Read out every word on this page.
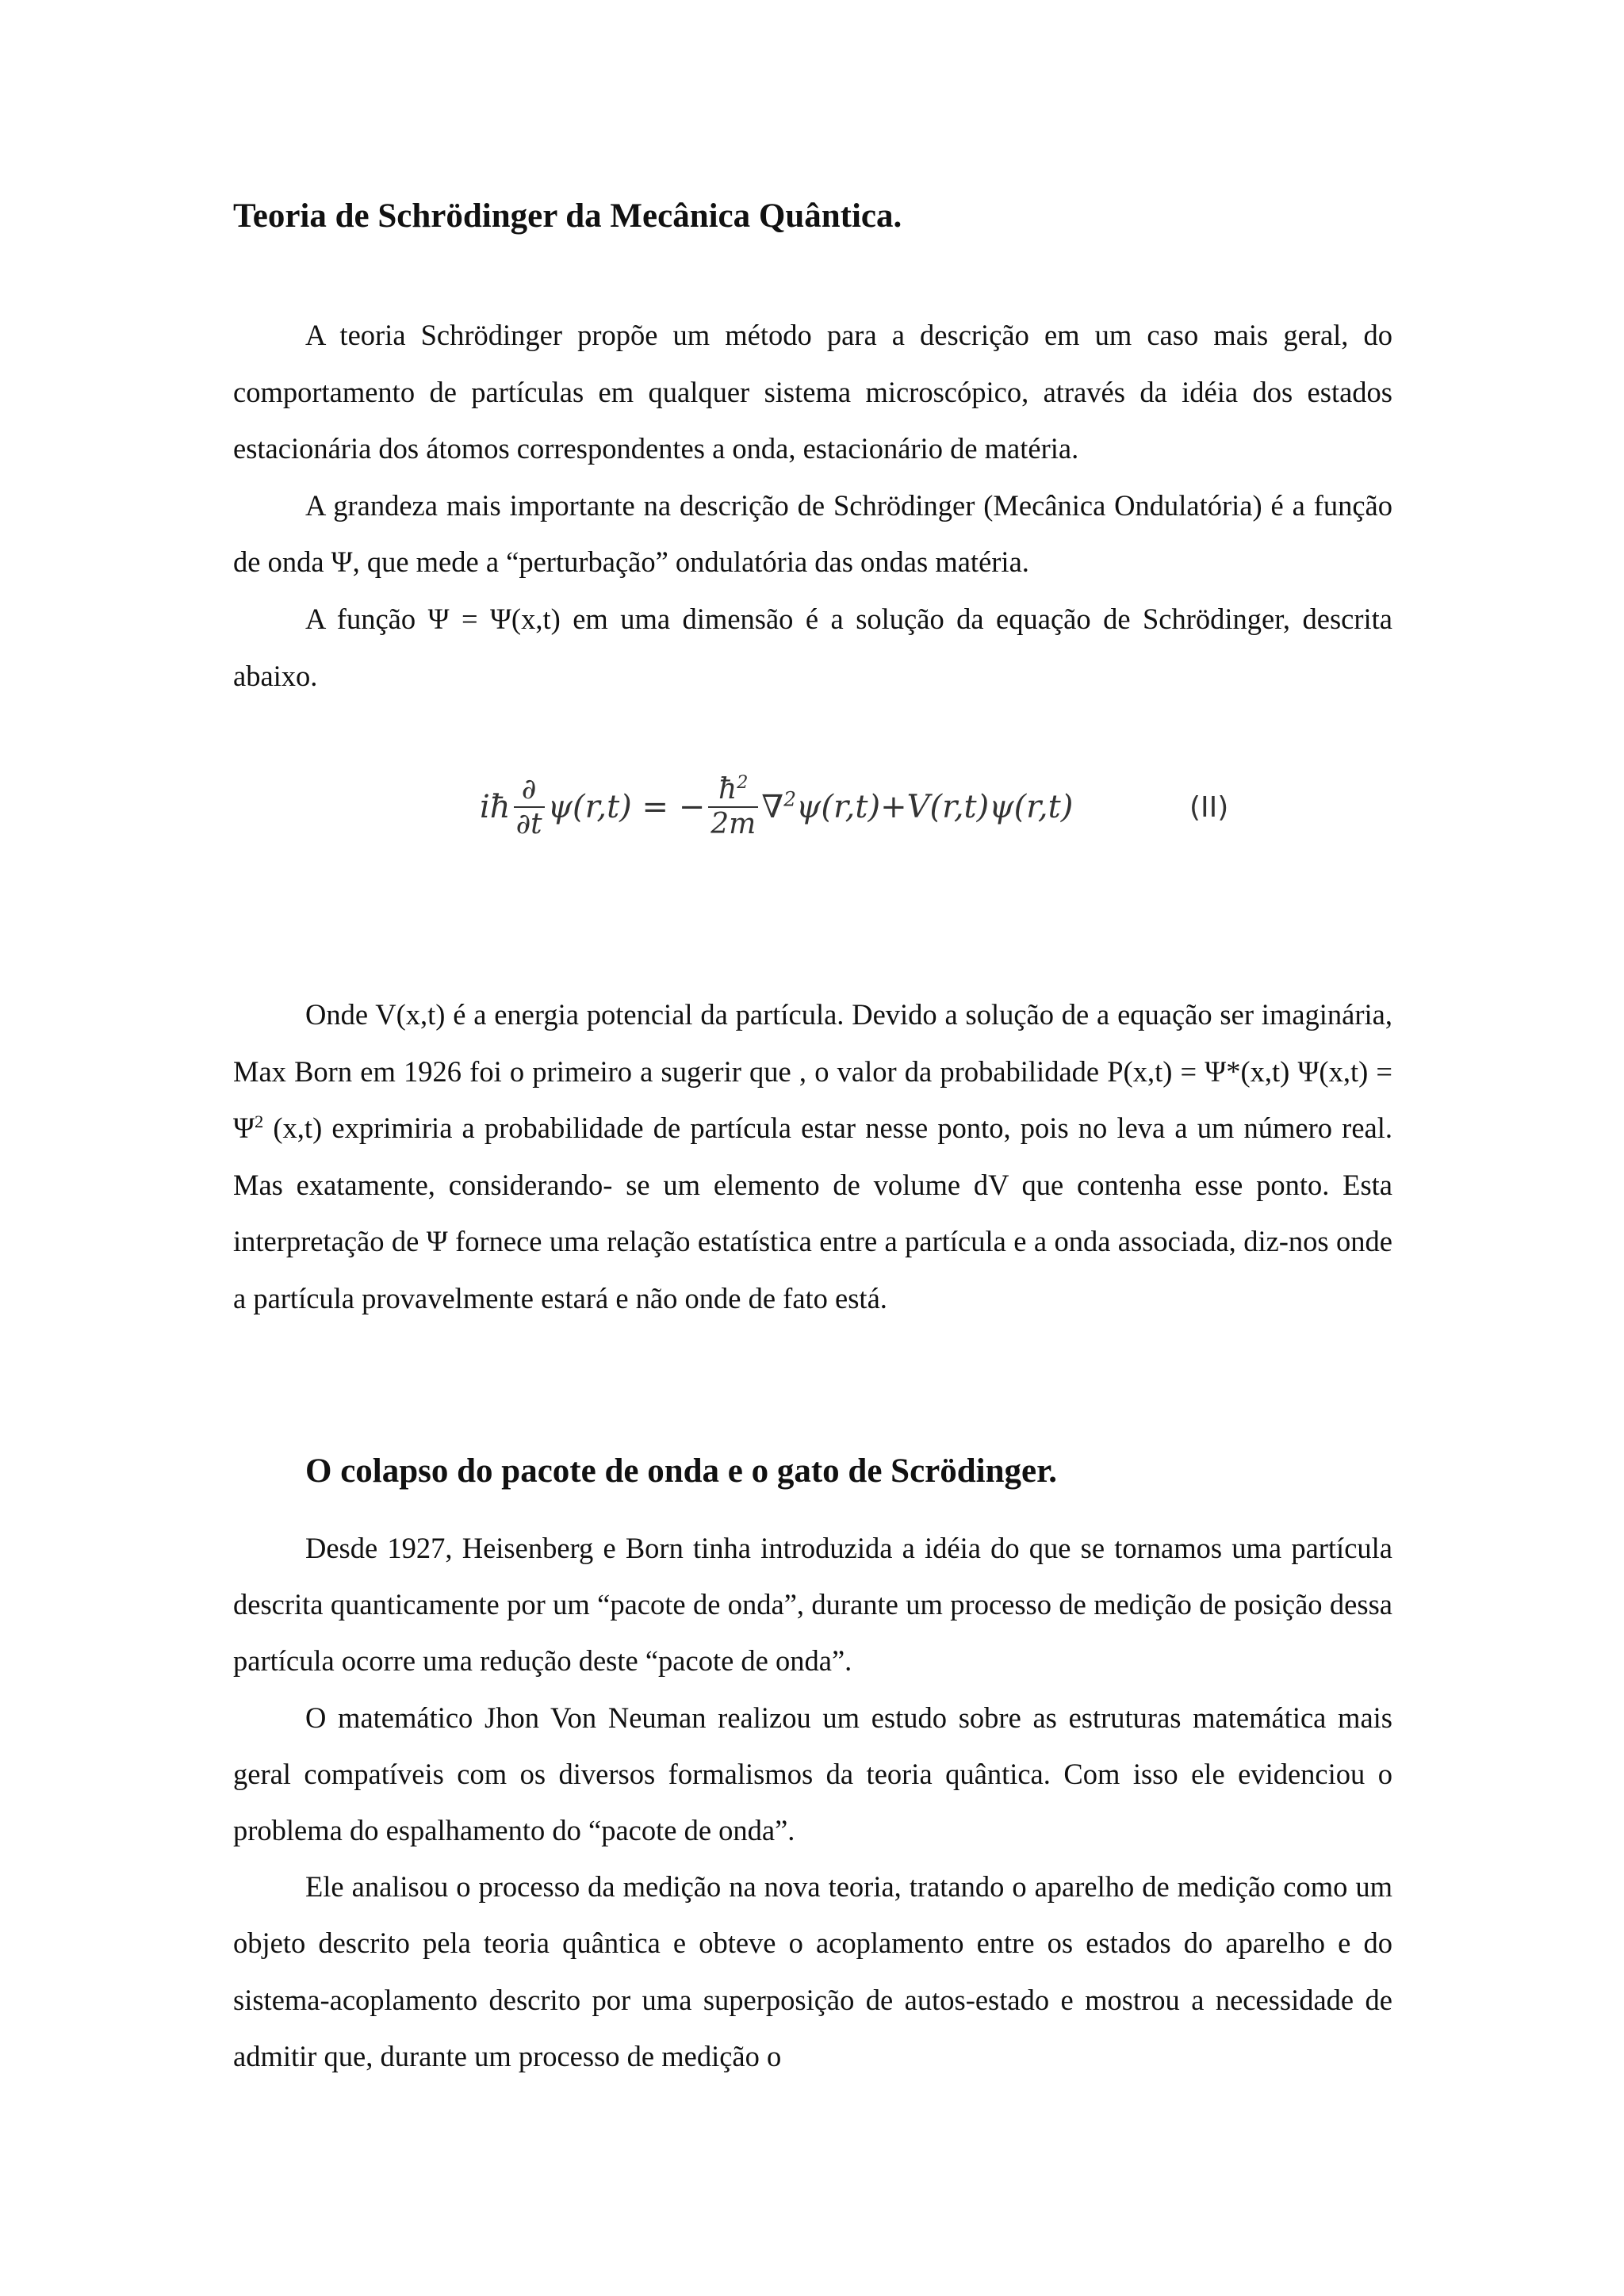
Teoria de Schrödinger da Mecânica Quântica.

A teoria Schrödinger propõe um método para a descrição em um caso mais geral, do comportamento de partículas em qualquer sistema microscópico, através da idéia dos estados estacionária dos átomos correspondentes a onda, estacionário de matéria.

A grandeza mais importante na descrição de Schrödinger (Mecânica Ondulatória) é a função de onda Ψ, que mede a “perturbação” ondulatória das ondas matéria.

A função Ψ = Ψ(x,t) em uma dimensão é a solução da equação de Schrödinger, descrita abaixo.

iħ $\frac{\partial}{\partial t} \psi(r,t)$ = − $\frac{ħ^2}{2m} \nabla^2$ ψ(r,t)+V(r,t)ψ(r,t)	(II)

Onde V(x,t) é a energia potencial da partícula. Devido a solução de a equação ser imaginária, Max Born em 1926 foi o primeiro a sugerir que , o valor da probabilidade P(x,t) = Ψ*(x,t) $\Psi(x,t) = \Psi^2$ (x,t) exprimiria a probabilidade de partícula estar nesse ponto, pois no leva a um número real. Mas exatamente, considerando- se um elemento de volume dV que contenha esse ponto. Esta interpretação de Ψ fornece uma relação estatística entre a partícula e a onda associada, diz-nos onde a partícula provavelmente estará e não onde de fato está.

O colapso do pacote de onda e o gato de Scrödinger.

Desde 1927, Heisenberg e Born tinha introduzida a idéia do que se tornamos uma partícula descrita quanticamente por um “pacote de onda”, durante um processo de medição de posição dessa partícula ocorre uma redução deste “pacote de onda”.

O matemático Jhon Von Neuman realizou um estudo sobre as estruturas matemática mais geral compatíveis com os diversos formalismos da teoria quântica. Com isso ele evidenciou o problema do espalhamento do “pacote de onda”.

Ele analisou o processo da medição na nova teoria, tratando o aparelho de medição como um objeto descrito pela teoria quântica e obteve o acoplamento entre os estados do aparelho e do sistema-acoplamento descrito por uma superposição de autos-estado e mostrou a necessidade de admitir que, durante um processo de medição o
